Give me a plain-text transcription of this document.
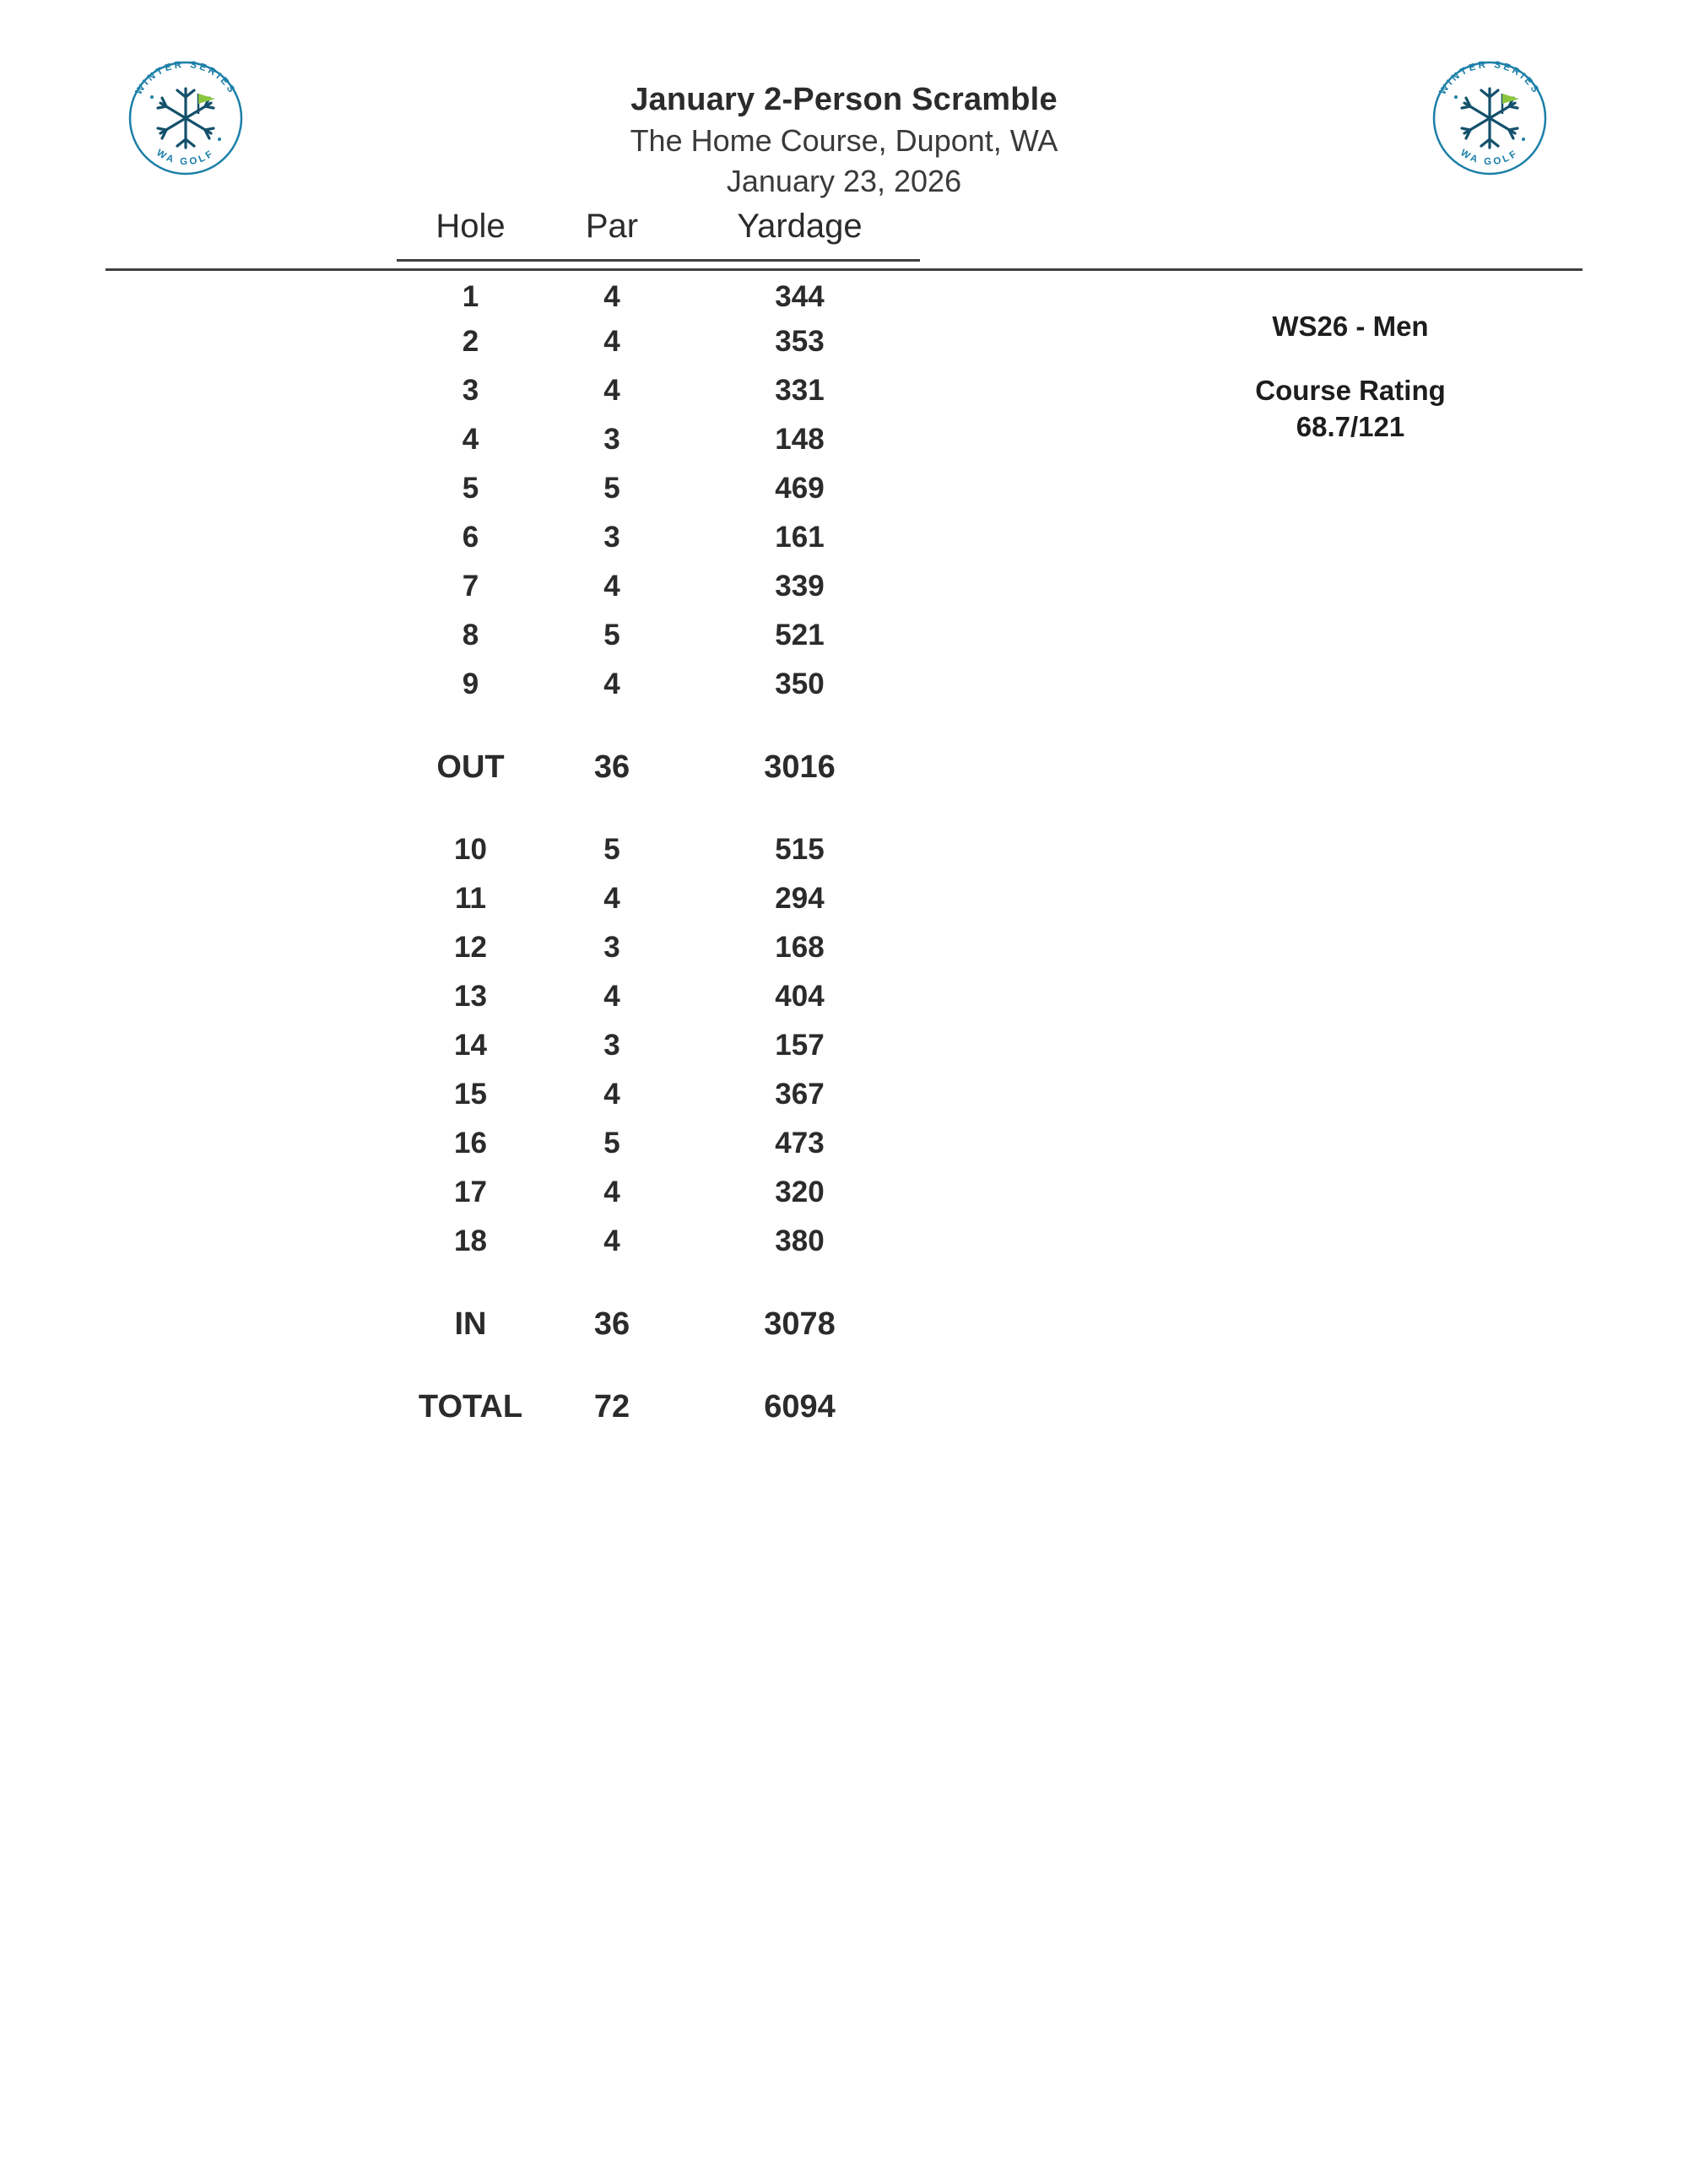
WINTER SERIES
WA GOLF
January 2-Person Scramble
The Home Course, Dupont, WA
January 23, 2026
WINTER SERIES
WA GOLF
Hole	Par	Yardage
1	4	344
2	4	353
3	4	331
4	3	148
5	5	469
6	3	161
7	4	339
8	5	521
9	4	350

OUT	36	3016

10	5	515
11	4	294
12	3	168
13	4	404
14	3	157
15	4	367
16	5	473
17	4	320
18	4	380

IN	36	3078

TOTAL	72	6094
WS26 - Men
Course Rating
68.7/121
